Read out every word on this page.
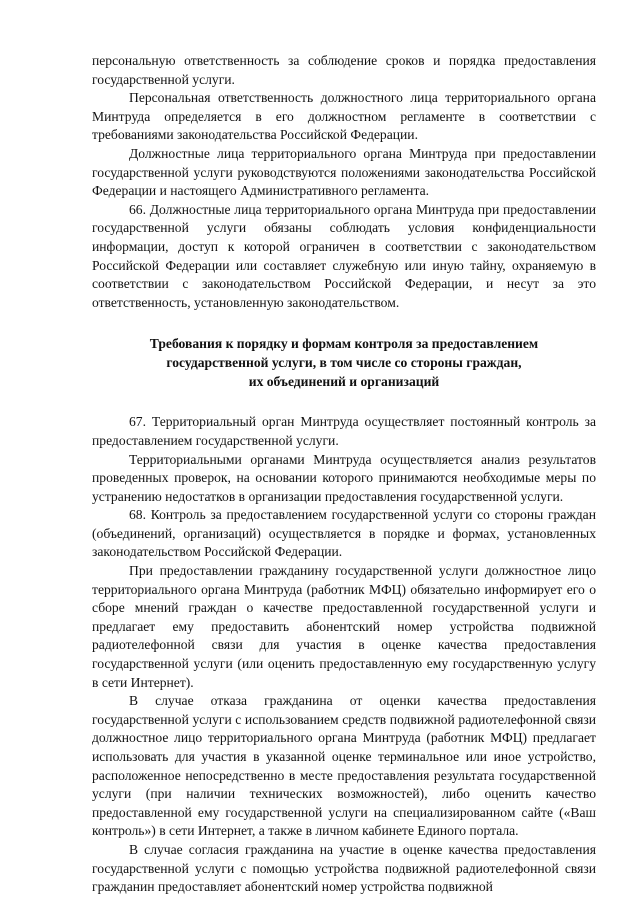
персональную ответственность за соблюдение сроков и порядка предоставления государственной услуги.

Персональная ответственность должностного лица территориального органа Минтруда определяется в его должностном регламенте в соответствии с требованиями законодательства Российской Федерации.

Должностные лица территориального органа Минтруда при предоставлении государственной услуги руководствуются положениями законодательства Российской Федерации и настоящего Административного регламента.

66. Должностные лица территориального органа Минтруда при предоставлении государственной услуги обязаны соблюдать условия конфиденциальности информации, доступ к которой ограничен в соответствии с законодательством Российской Федерации или составляет служебную или иную тайну, охраняемую в соответствии с законодательством Российской Федерации, и несут за это ответственность, установленную законодательством.

Требования к порядку и формам контроля за предоставлением

государственной услуги, в том числе со стороны граждан,

их объединений и организаций

67. Территориальный орган Минтруда осуществляет постоянный контроль за предоставлением государственной услуги.

Территориальными органами Минтруда осуществляется анализ результатов проведенных проверок, на основании которого принимаются необходимые меры по устранению недостатков в организации предоставления государственной услуги.

68. Контроль за предоставлением государственной услуги со стороны граждан (объединений, организаций) осуществляется в порядке и формах, установленных законодательством Российской Федерации.

При предоставлении гражданину государственной услуги должностное лицо территориального органа Минтруда (работник МФЦ) обязательно информирует его о сборе мнений граждан о качестве предоставленной государственной услуги и предлагает ему предоставить абонентский номер устройства подвижной радиотелефонной связи для участия в оценке качества предоставления государственной услуги (или оценить предоставленную ему государственную услугу в сети Интернет).

В случае отказа гражданина от оценки качества предоставления государственной услуги с использованием средств подвижной радиотелефонной связи должностное лицо территориального органа Минтруда (работник МФЦ) предлагает использовать для участия в указанной оценке терминальное или иное устройство, расположенное непосредственно в месте предоставления результата государственной услуги (при наличии технических возможностей), либо оценить качество предоставленной ему государственной услуги на специализированном сайте («Ваш контроль») в сети Интернет, а также в личном кабинете Единого портала.

В случае согласия гражданина на участие в оценке качества предоставления государственной услуги с помощью устройства подвижной радиотелефонной связи гражданин предоставляет абонентский номер устройства подвижной
